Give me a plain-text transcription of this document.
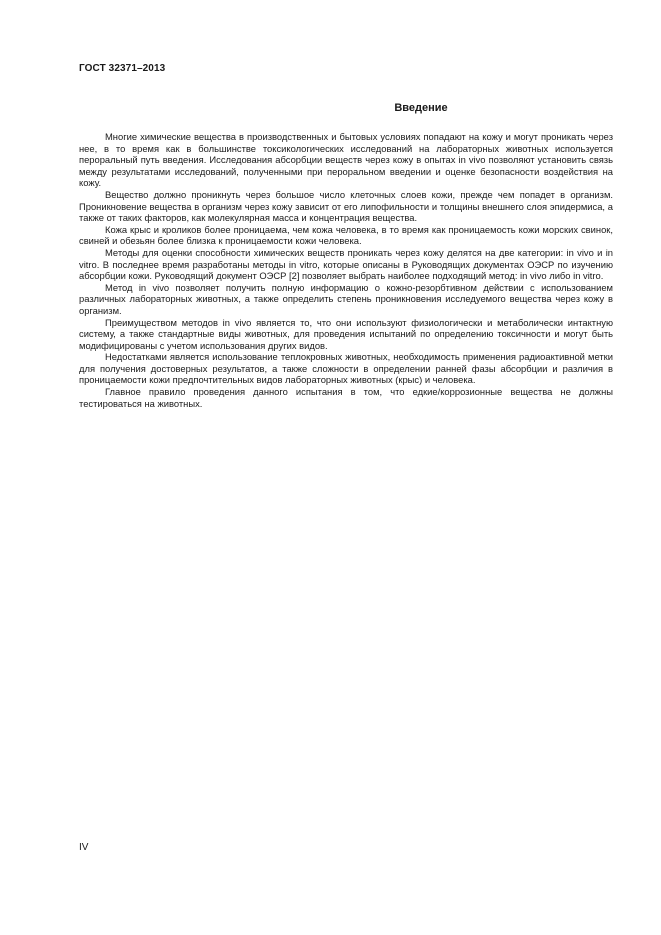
ГОСТ 32371–2013
Введение

Многие химические вещества в производственных и бытовых условиях попадают на кожу и могут проникать через нее, в то время как в большинстве токсикологических исследований на лабораторных животных используется пероральный путь введения. Исследования абсорбции веществ через кожу в опытах in vivo позволяют установить связь между результатами исследований, полученными при пероральном введении и оценке безопасности воздействия на кожу.

Вещество должно проникнуть через большое число клеточных слоев кожи, прежде чем попадет в организм. Проникновение вещества в организм через кожу зависит от его липофильности и толщины внешнего слоя эпидермиса, а также от таких факторов, как молекулярная масса и концентрация вещества.

Кожа крыс и кроликов более проницаема, чем кожа человека, в то время как проницаемость кожи морских свинок, свиней и обезьян более близка к проницаемости кожи человека.

Методы для оценки способности химических веществ проникать через кожу делятся на две категории: in vivo и in vitro. В последнее время разработаны методы in vitro, которые описаны в Руководящих документах ОЭСР по изучению абсорбции кожи. Руководящий документ ОЭСР [2] позволяет выбрать наиболее подходящий метод: in vivo либо in vitro.

Метод in vivo позволяет получить полную информацию о кожно-резорбтивном действии с использованием различных лабораторных животных, а также определить степень проникновения исследуемого вещества через кожу в организм.

Преимуществом методов in vivo является то, что они используют физиологически и метаболически интактную систему, а также стандартные виды животных, для проведения испытаний по определению токсичности и могут быть модифицированы с учетом использования других видов.

Недостатками является использование теплокровных животных, необходимость применения радиоактивной метки для получения достоверных результатов, а также сложности в определении ранней фазы абсорбции и различия в проницаемости кожи предпочтительных видов лабораторных животных (крыс) и человека.

Главное правило проведения данного испытания в том, что едкие/коррозионные вещества не должны тестироваться на животных.

IV
